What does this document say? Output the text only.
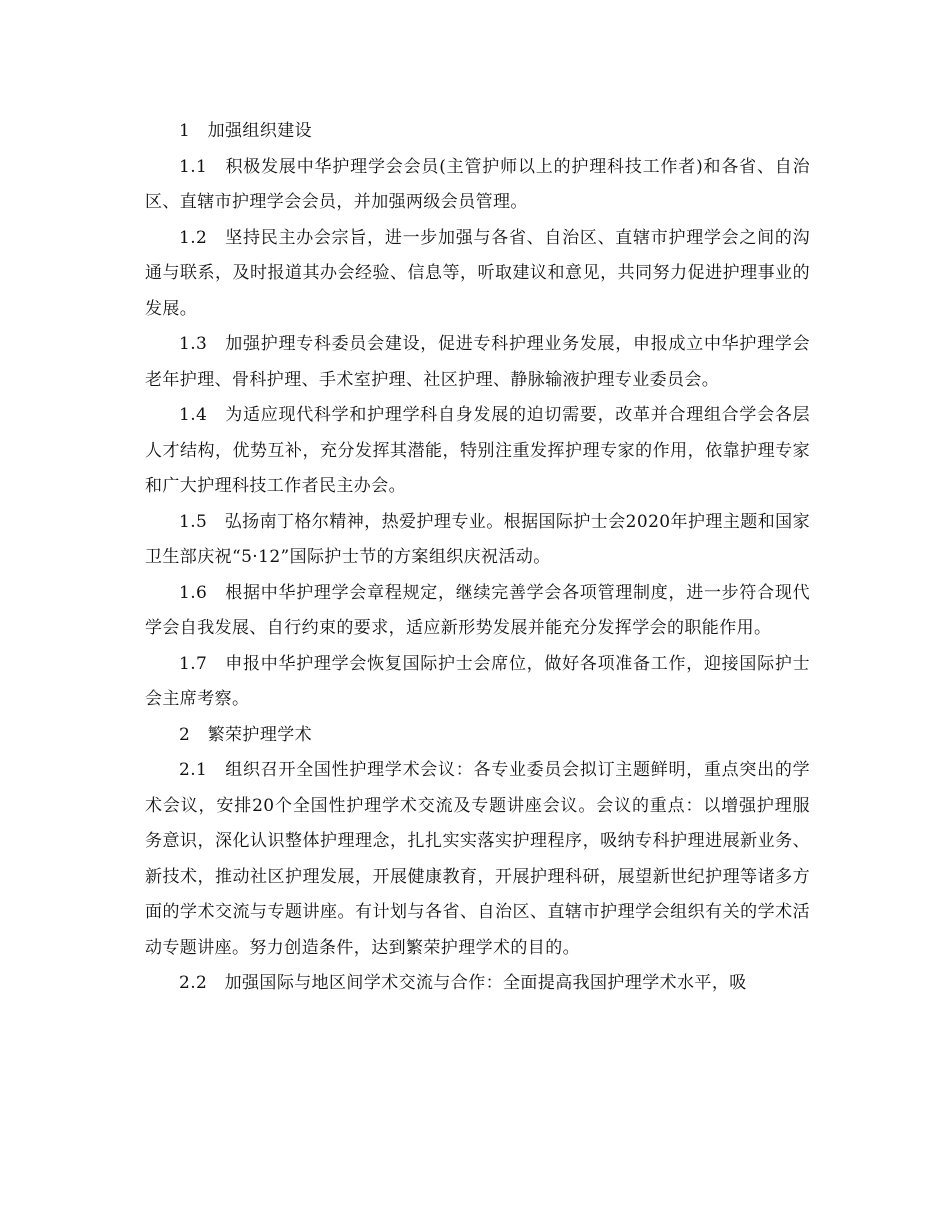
1　加强组织建设

1.1　积极发展中华护理学会会员(主管护师以上的护理科技工作者)和各省、自治区、直辖市护理学会会员，并加强两级会员管理。

1.2　坚持民主办会宗旨，进一步加强与各省、自治区、直辖市护理学会之间的沟通与联系，及时报道其办会经验、信息等，听取建议和意见，共同努力促进护理事业的发展。

1.3　加强护理专科委员会建设，促进专科护理业务发展，申报成立中华护理学会老年护理、骨科护理、手术室护理、社区护理、静脉输液护理专业委员会。

1.4　为适应现代科学和护理学科自身发展的迫切需要，改革并合理组合学会各层人才结构，优势互补，充分发挥其潜能，特别注重发挥护理专家的作用，依靠护理专家和广大护理科技工作者民主办会。

1.5　弘扬南丁格尔精神，热爱护理专业。根据国际护士会2020年护理主题和国家卫生部庆祝“5·12”国际护士节的方案组织庆祝活动。

1.6　根据中华护理学会章程规定，继续完善学会各项管理制度，进一步符合现代学会自我发展、自行约束的要求，适应新形势发展并能充分发挥学会的职能作用。

1.7　申报中华护理学会恢复国际护士会席位，做好各项准备工作，迎接国际护士会主席考察。

2　繁荣护理学术

2.1　组织召开全国性护理学术会议：各专业委员会拟订主题鲜明，重点突出的学术会议，安排20个全国性护理学术交流及专题讲座会议。会议的重点：以增强护理服务意识，深化认识整体护理理念，扎扎实实落实护理程序，吸纳专科护理进展新业务、新技术，推动社区护理发展，开展健康教育，开展护理科研，展望新世纪护理等诸多方面的学术交流与专题讲座。有计划与各省、自治区、直辖市护理学会组织有关的学术活动专题讲座。努力创造条件，达到繁荣护理学术的目的。

2.2　加强国际与地区间学术交流与合作：全面提高我国护理学术水平，吸
